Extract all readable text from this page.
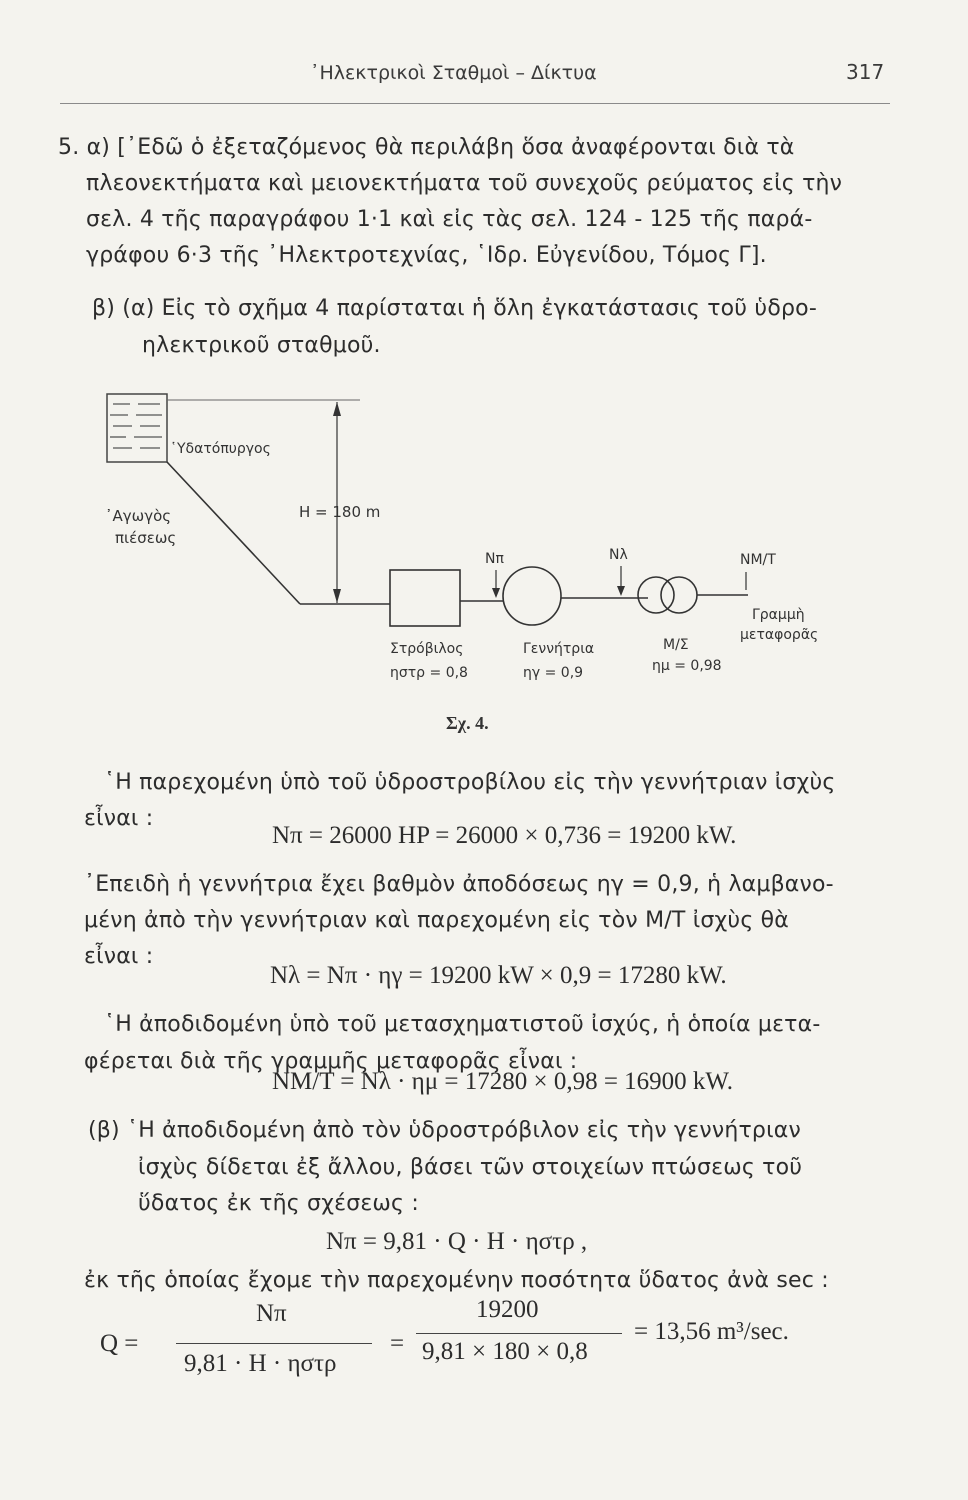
᾿Ηλεκτρικοὶ Σταθμοὶ – Δίκτυα	317
5. α) [᾿Εδῶ ὁ ἐξεταζόμενος θὰ περιλάβη ὅσα ἀναφέρονται διὰ τὰ
πλεονεκτήματα καὶ μειονεκτήματα τοῦ συνεχοῦς ρεύματος εἰς τὴν
σελ. 4 τῆς παραγράφου 1·1 καὶ εἰς τὰς σελ. 124 - 125 τῆς παρά-
γράφου 6·3 τῆς ᾿Ηλεκτροτεχνίας, ῾Ιδρ. Εὐγενίδου, Τόμος Γ].
β) (α) Εἰς τὸ σχῆμα 4 παρίσταται ἡ ὅλη ἐγκατάστασις τοῦ ὑδρο-
ηλεκτρικοῦ σταθμοῦ.
῾Υδατόπυργος
᾿Αγωγὸς
πιέσεως
H = 180 m
Nπ	Nλ	NM/T
Στρόβιλος
ηστρ = 0,8
Γεννήτρια
ηγ = 0,9
Μ/Σ
ημ = 0,98
Γραμμὴ
μεταφορᾶς
Σχ. 4.
῾Η παρεχομένη ὑπὸ τοῦ ὑδροστροβίλου εἰς τὴν γεννήτριαν ἰσχὺς
εἶναι :
Nπ = 26000 HP = 26000 × 0,736 = 19200 kW.
᾿Επειδὴ ἡ γεννήτρια ἔχει βαθμὸν ἀποδόσεως ηγ = 0,9, ἡ λαμβανο-
μένη ἀπὸ τὴν γεννήτριαν καὶ παρεχομένη εἰς τὸν Μ/Τ ἰσχὺς θὰ
εἶναι :
Nλ = Nπ · ηγ = 19200 kW × 0,9 = 17280 kW.
῾Η ἀποδιδομένη ὑπὸ τοῦ μετασχηματιστοῦ ἰσχύς, ἡ ὁποία μετα-
φέρεται διὰ τῆς γραμμῆς μεταφορᾶς εἶναι :
NM/T = Nλ · ημ = 17280 × 0,98 = 16900 kW.
(β) ῾Η ἀποδιδομένη ἀπὸ τὸν ὑδροστρόβιλον εἰς τὴν γεννήτριαν
ἰσχὺς δίδεται ἐξ ἄλλου, βάσει τῶν στοιχείων πτώσεως τοῦ
ὕδατος ἐκ τῆς σχέσεως :
Nπ = 9,81 · Q · H · ηστρ ,
ἐκ τῆς ὁποίας ἔχομε τὴν παρεχομένην ποσότητα ὕδατος ἀνὰ sec :
Q =
Nπ
9,81 · H · ηστρ
=
19200
9,81 × 180 × 0,8
= 13,56 m³/sec.
